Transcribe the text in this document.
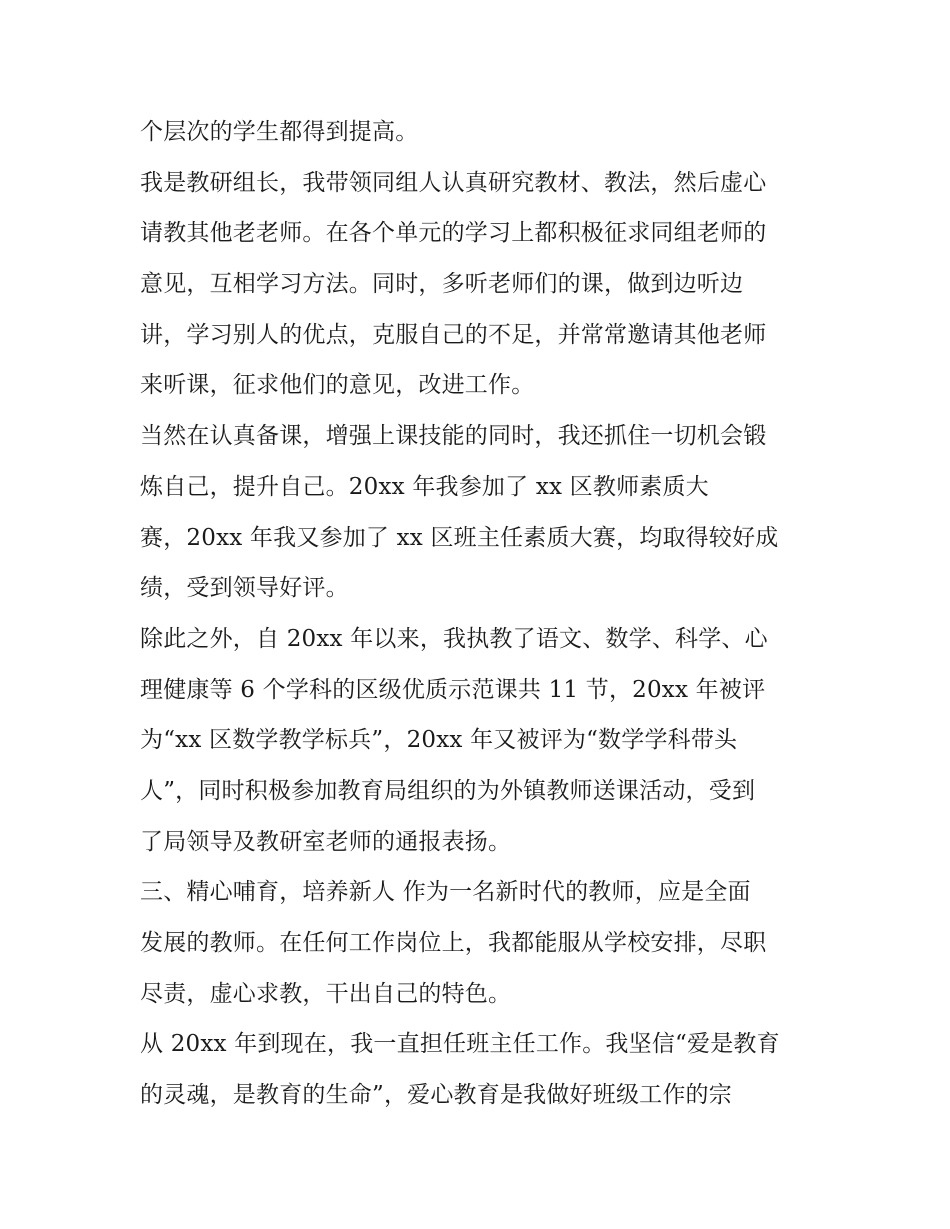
个层次的学生都得到提高。
我是教研组长，我带领同组人认真研究教材、教法，然后虚心
请教其他老老师。在各个单元的学习上都积极征求同组老师的
意见，互相学习方法。同时，多听老师们的课，做到边听边
讲，学习别人的优点，克服自己的不足，并常常邀请其他老师
来听课，征求他们的意见，改进工作。
当然在认真备课，增强上课技能的同时，我还抓住一切机会锻
炼自己，提升自己。20xx 年我参加了 xx 区教师素质大
赛，20xx 年我又参加了 xx 区班主任素质大赛，均取得较好成
绩，受到领导好评。
除此之外，自 20xx 年以来，我执教了语文、数学、科学、心
理健康等 6 个学科的区级优质示范课共 11 节，20xx 年被评
为“xx 区数学教学标兵”，20xx 年又被评为“数学学科带头
人”，同时积极参加教育局组织的为外镇教师送课活动，受到
了局领导及教研室老师的通报表扬。
三、精心哺育，培养新人 作为一名新时代的教师，应是全面
发展的教师。在任何工作岗位上，我都能服从学校安排，尽职
尽责，虚心求教，干出自己的特色。
从 20xx 年到现在，我一直担任班主任工作。我坚信“爱是教育
的灵魂，是教育的生命”，爱心教育是我做好班级工作的宗
